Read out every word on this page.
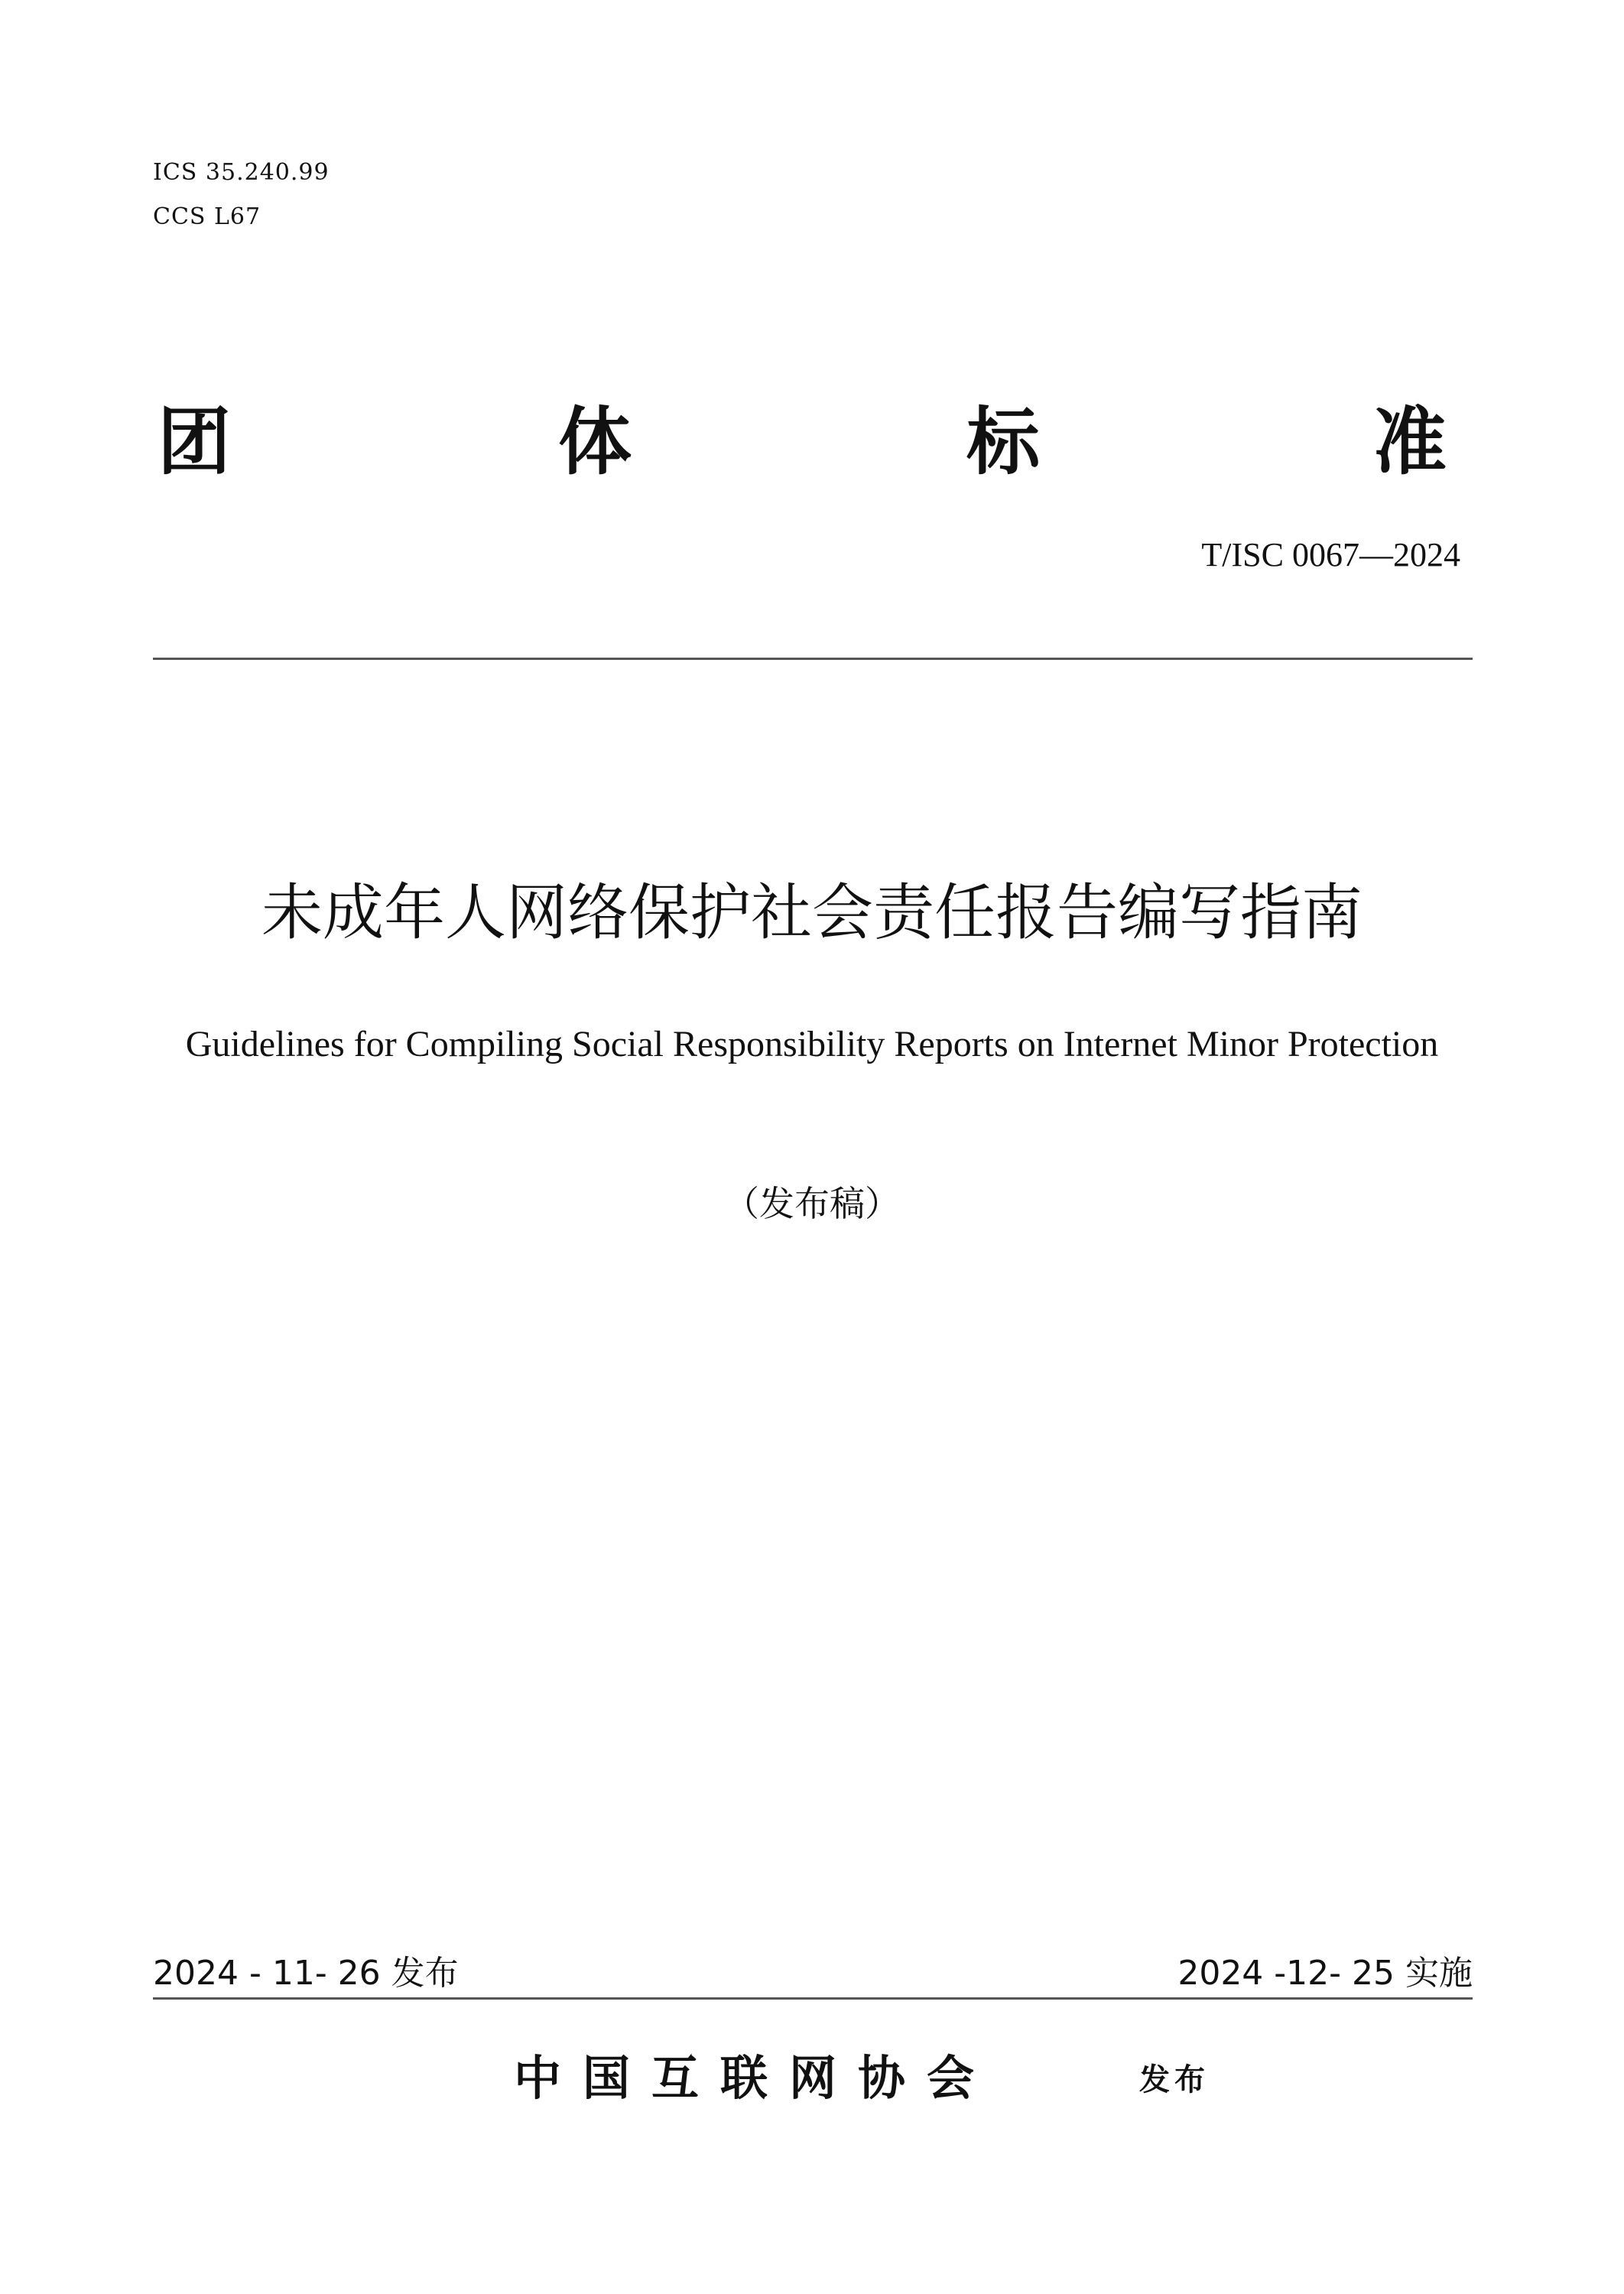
ICS 35.240.99
CCS L67
团	体	标	准
T/ISC 0067—2024
未成年人网络保护社会责任报告编写指南
Guidelines for Compiling Social Responsibility Reports on Internet Minor Protection
（发布稿）
2024 - 11- 26 发布	2024 -12- 25 实施
中国互联网协会	发布
